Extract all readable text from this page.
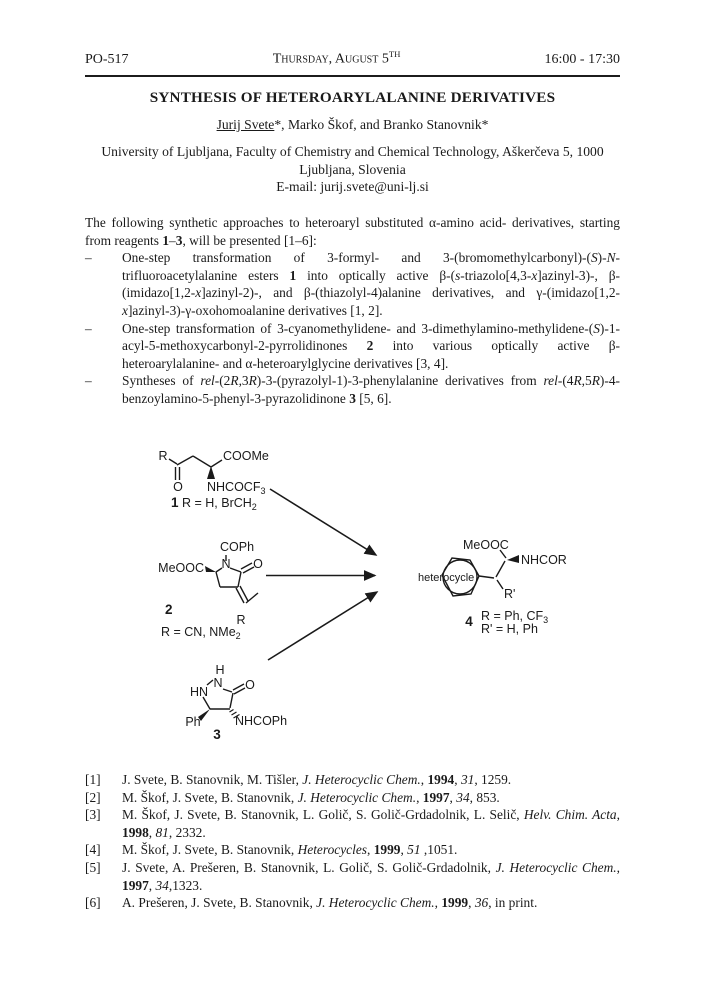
PO-517	Thursday, August 5TH	16:00 - 17:30
SYNTHESIS OF HETEROARYLALANINE DERIVATIVES
Jurij Svete*, Marko Škof, and Branko Stanovnik*
University of Ljubljana, Faculty of Chemistry and Chemical Technology, Aškerčeva 5, 1000 Ljubljana, Slovenia
E-mail: jurij.svete@uni-lj.si
The following synthetic approaches to heteroaryl substituted α-amino acid- derivatives, starting from reagents 1–3, will be presented [1–6]:
–	One-step transformation of 3-formyl- and 3-(bromomethylcarbonyl)-(S)-N-trifluoroacetylalanine esters 1 into optically active β-(s-triazolo[4,3-x]azinyl-3)-, β-(imidazo[1,2-x]azinyl-2)-, and β-(thiazolyl-4)alanine derivatives, and γ-(imidazo[1,2-x]azinyl-3)-γ-oxohomoalanine derivatives [1, 2].
–	One-step transformation of 3-cyanomethylidene- and 3-dimethylamino-methylidene-(S)-1-acyl-5-methoxycarbonyl-2-pyrrolidinones 2 into various optically active β-heteroarylalanine- and α-heteroarylglycine derivatives [3, 4].
–	Syntheses of rel-(2R,3R)-3-(pyrazolyl-1)-3-phenylalanine derivatives from rel-(4R,5R)-4-benzoylamino-5-phenyl-3-pyrazolidinone 3 [5, 6].
R
O
COOMe
$NHCOCF_3$
1 R = H, BrCH$_2$
COPh
N O
MeOOC
R
2
R = CN, NMe$_2$
H
N
HN	O
Ph	NHCOPh
3
MeOOC
NHCOR
R'
heterocycle
4 R = Ph, $CF_3$
R' = H, Ph
[1]	J. Svete, B. Stanovnik, M. Tišler, J. Heterocyclic Chem., 1994, 31, 1259.
[2]	M. Škof, J. Svete, B. Stanovnik, J. Heterocyclic Chem., 1997, 34, 853.
[3]	M. Škof, J. Svete, B. Stanovnik, L. Golič, S. Golič-Grdadolnik, L. Selič, Helv. Chim. Acta, 1998, 81, 2332.
[4]	M. Škof, J. Svete, B. Stanovnik, Heterocycles, 1999, 51 ,1051.
[5]	J. Svete, A. Prešeren, B. Stanovnik, L. Golič, S. Golič-Grdadolnik, J. Heterocyclic Chem., 1997, 34,1323.
[6]	A. Prešeren, J. Svete, B. Stanovnik, J. Heterocyclic Chem., 1999, 36, in print.
